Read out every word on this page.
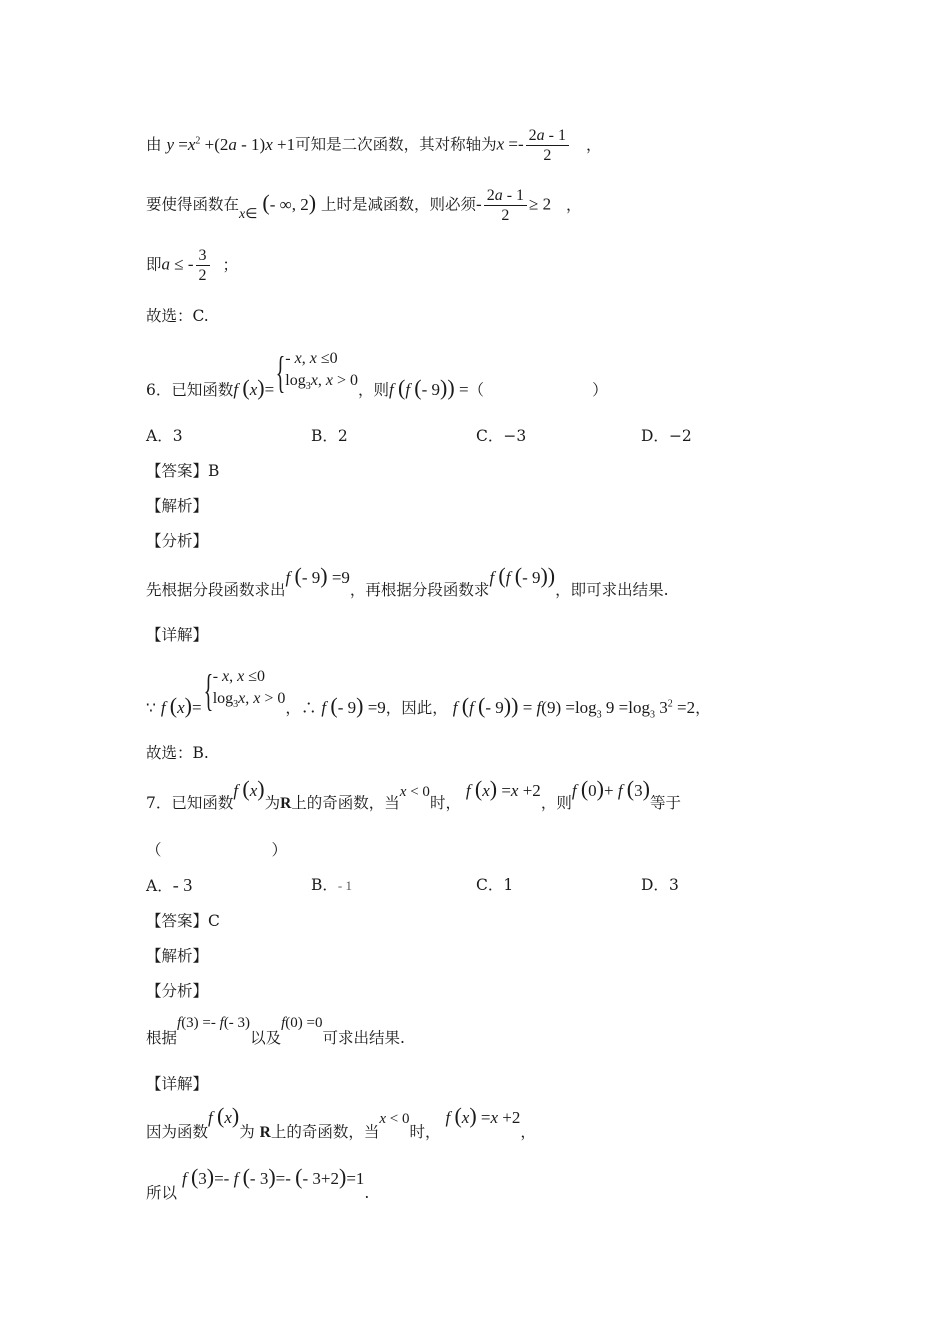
由 $y =x^2 +(2a - 1)x +1$可知是二次函数，其对称轴为$x =- \frac{2a - 1}{2}$ ，
要使得函数在x∈ (- ∞, 2) 上时是减函数，则必须- $\frac{2a - 1}{2} \ge 2$ ，
即a ≤ - $\frac{3}{2}$ ；
故选：C.
6．已知函数f (x)={- x, x ≤0
$\log_3x$, x > 0，则f (f (- 9)) =（	）
A．3	B．2	C．−3	D．−2
【答案】B
【解析】
【分析】
先根据分段函数求出f (- 9) =9，再根据分段函数求f (f (- 9))，即可求出结果.
【详解】
∵ f (x)={- x, x ≤0
$\log_3x$, x > 0，∴ f (- 9) =9，因此， f (f (- $9)) = f(9) =\log_3$ $9 =\log_3$ $3^2 =2$，
故选：B.
7．已知函数f (x)为R上的奇函数，当x < 0时， f (x) =x +2，则f (0)+ f (3)等于
（	）
A．- 3	B．- 1	C．1	D．3
【答案】C
【解析】
【分析】
根据f(3) =- f(- 3)以及f(0) =0可求出结果.
【详解】
因为函数f (x)为 R上的奇函数，当x < 0时， f (x) =x +2，
所以 f (3)=- f (- 3)=- (- 3+2)=1.
